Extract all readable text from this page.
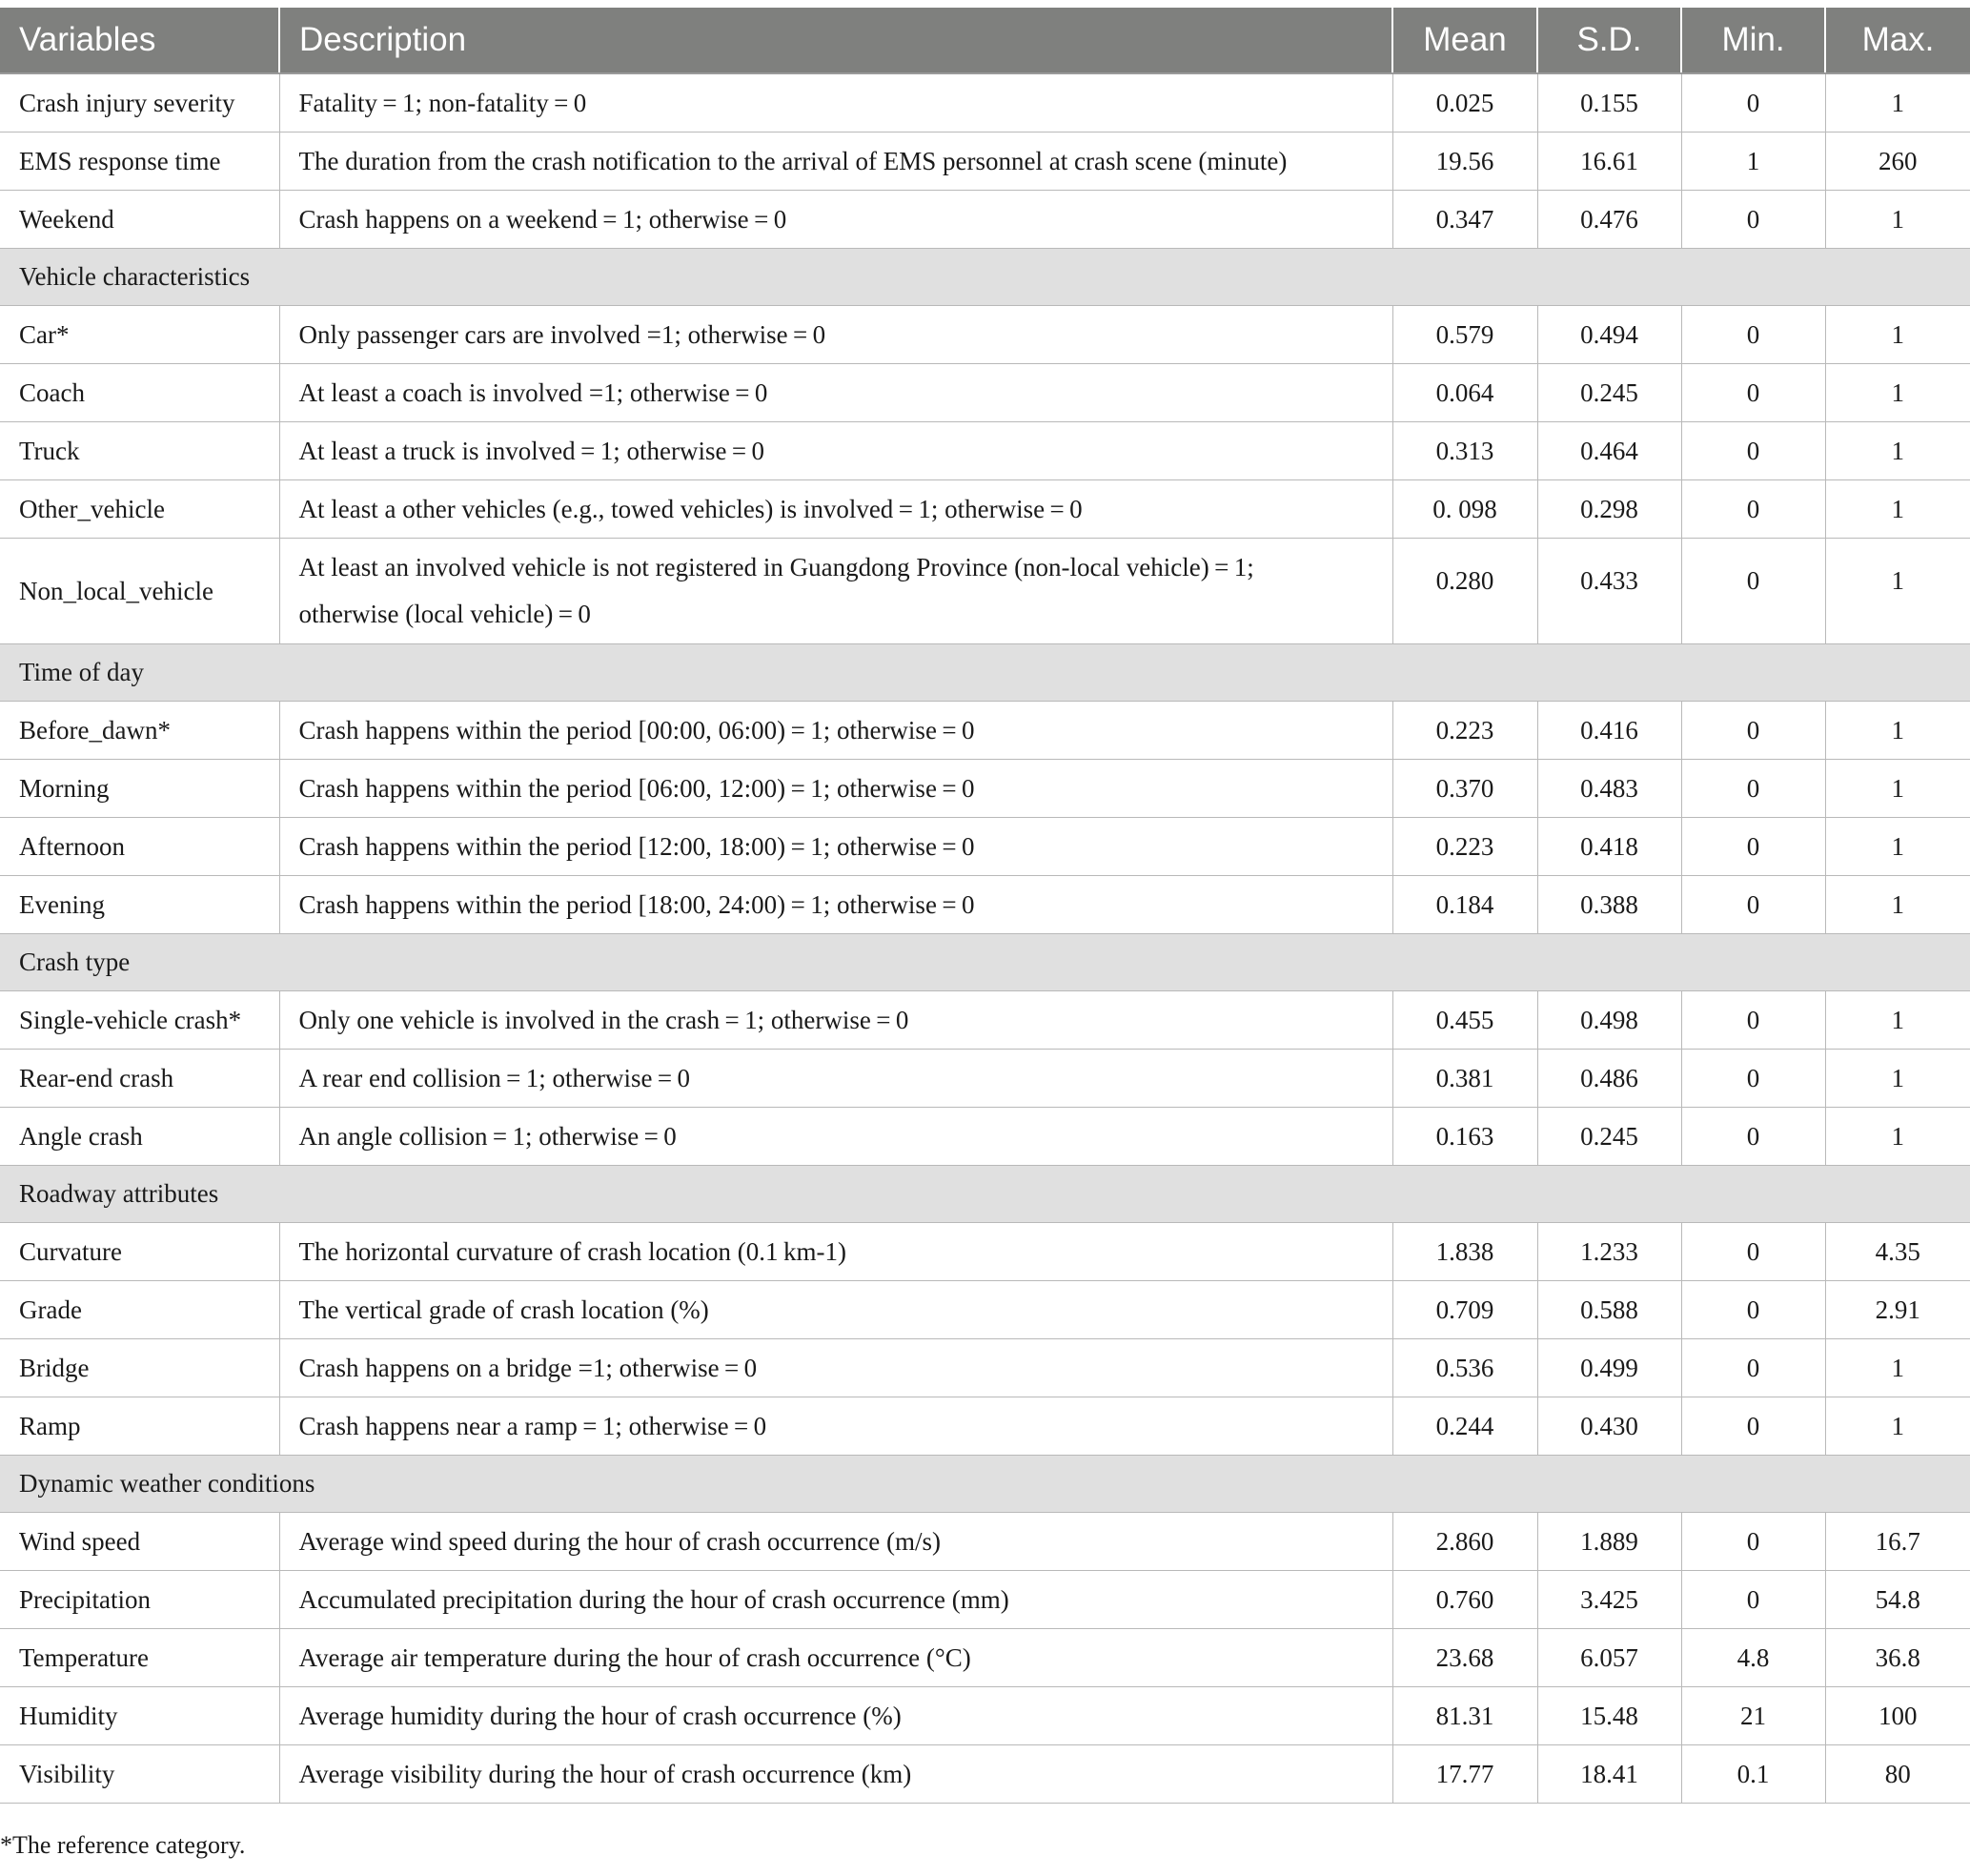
Variables	Description	Mean	S.D.	Min.	Max.
Crash injury severity	Fatality = 1; non-fatality = 0	0.025	0.155	0	1
EMS response time	The duration from the crash notification to the arrival of EMS personnel at crash scene (minute)	19.56	16.61	1	260
Weekend	Crash happens on a weekend = 1; otherwise = 0	0.347	0.476	0	1
Vehicle characteristics					
Car*	Only passenger cars are involved =1; otherwise = 0	0.579	0.494	0	1
Coach	At least a coach is involved =1; otherwise = 0	0.064	0.245	0	1
Truck	At least a truck is involved = 1; otherwise = 0	0.313	0.464	0	1
Other_vehicle	At least a other vehicles (e.g., towed vehicles) is involved = 1; otherwise = 0	0. 098	0.298	0	1
Non_local_vehicle	At least an involved vehicle is not registered in Guangdong Province (non-local vehicle) = 1;
otherwise (local vehicle) = 0	0.280	0.433	0	1
Time of day					
Before_dawn*	Crash happens within the period [00:00, 06:00) = 1; otherwise = 0	0.223	0.416	0	1
Morning	Crash happens within the period [06:00, 12:00) = 1; otherwise = 0	0.370	0.483	0	1
Afternoon	Crash happens within the period [12:00, 18:00) = 1; otherwise = 0	0.223	0.418	0	1
Evening	Crash happens within the period [18:00, 24:00) = 1; otherwise = 0	0.184	0.388	0	1
Crash type					
Single-vehicle crash*	Only one vehicle is involved in the crash = 1; otherwise = 0	0.455	0.498	0	1
Rear-end crash	A rear end collision = 1; otherwise = 0	0.381	0.486	0	1
Angle crash	An angle collision = 1; otherwise = 0	0.163	0.245	0	1
Roadway attributes					
Curvature	The horizontal curvature of crash location (0.1 km-1)	1.838	1.233	0	4.35
Grade	The vertical grade of crash location (%)	0.709	0.588	0	2.91
Bridge	Crash happens on a bridge =1; otherwise = 0	0.536	0.499	0	1
Ramp	Crash happens near a ramp = 1; otherwise = 0	0.244	0.430	0	1
Dynamic weather conditions					
Wind speed	Average wind speed during the hour of crash occurrence (m/s)	2.860	1.889	0	16.7
Precipitation	Accumulated precipitation during the hour of crash occurrence (mm)	0.760	3.425	0	54.8
Temperature	Average air temperature during the hour of crash occurrence (°C)	23.68	6.057	4.8	36.8
Humidity	Average humidity during the hour of crash occurrence (%)	81.31	15.48	21	100
Visibility	Average visibility during the hour of crash occurrence (km)	17.77	18.41	0.1	80
*The reference category.
